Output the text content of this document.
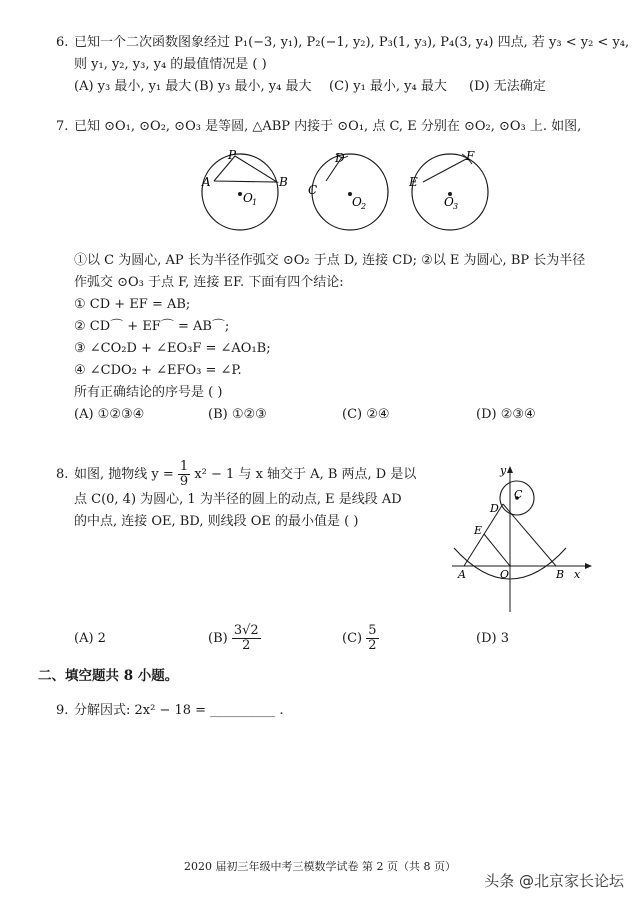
6. 已知一个二次函数图象经过 P₁(−3, y₁), P₂(−1, y₂), P₃(1, y₃), P₄(3, y₄) 四点, 若 y₃ < y₂ < y₄,
则 y₁, y₂, y₃, y₄ 的最值情况是 ( )
(A) y₃ 最小, y₁ 最大 (B) y₃ 最小, y₄ 最大	(C) y₁ 最小, y₄ 最大	(D) 无法确定
7. 已知 ⊙O₁, ⊙O₂, ⊙O₃ 是等圆, △ABP 内接于 ⊙O₁, 点 C, E 分别在 ⊙O₂, ⊙O₃ 上. 如图,
P
A	B
O 1
D
C
O 2
F
E
O 3
①以 C 为圆心, AP 长为半径作弧交 ⊙O₂ 于点 D, 连接 CD; ②以 E 为圆心, BP 长为半径
作弧交 ⊙O₃ 于点 F, 连接 EF. 下面有四个结论:
① CD + EF = AB;
② CD⌒ + EF⌒ = AB⌒;
③ ∠CO₂D + ∠EO₃F = ∠AO₁B;
④ ∠CDO₂ + ∠EFO₃ = ∠P.
所有正确结论的序号是 ( )
(A) ①②③④	(B) ①②③	(C) ②④	(D) ②③④
8. 如图, 抛物线 $y = \frac{1}{9} x^2 - 1$ 与 x 轴交于 A, B 两点, D 是以
点 C(0, 4) 为圆心, 1 为半径的圆上的动点, E 是线段 AD
的中点, 连接 OE, BD, 则线段 OE 的最小值是 ( )
y
x
C
D
E
A	O	B
(A) 2	$(B) \frac{3√2}{2}$	$(C) \frac{5}{2}$	(D) 3
二、填空题共 8 小题。
9. 分解因式: 2x² − 18 = __________ .
2020 届初三年级中考三模数学试卷 第 2 页（共 8 页）
头条 @北京家长论坛
